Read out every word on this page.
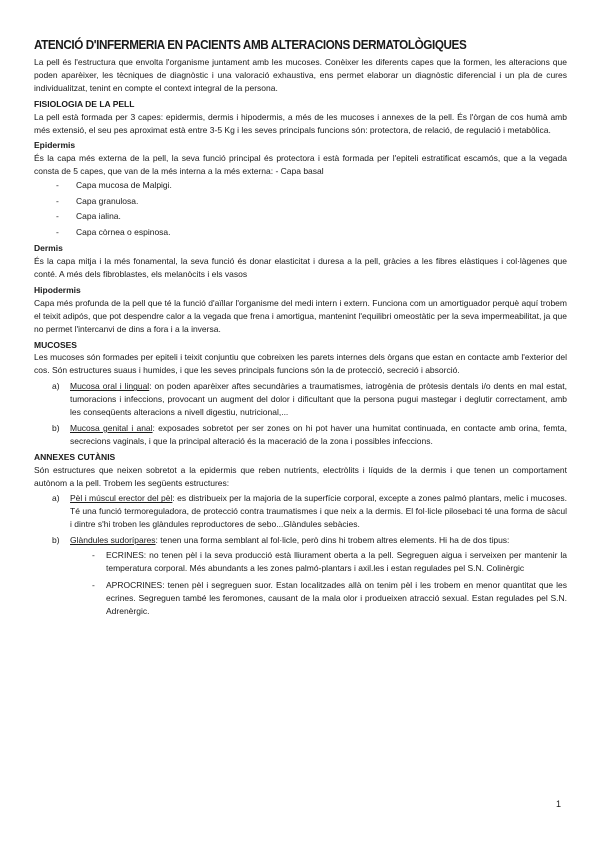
ATENCIÓ D'INFERMERIA EN PACIENTS AMB ALTERACIONS DERMATOLÒGIQUES

La pell és l'estructura que envolta l'organisme juntament amb les mucoses. Conèixer les diferents capes que la formen, les alteracions que poden aparèixer, les tècniques de diagnòstic i una valoració exhaustiva, ens permet elaborar un diagnòstic diferencial i un pla de cures individualitzat, tenint en compte el context integral de la persona.

FISIOLOGIA DE LA PELL

La pell està formada per 3 capes: epidermis, dermis i hipodermis, a més de les mucoses i annexes de la pell. És l'òrgan de cos humà amb més extensió, el seu pes aproximat està entre 3-5 Kg i les seves principals funcions són: protectora, de relació, de regulació i metabòlica.

Epidermis

És la capa més externa de la pell, la seva funció principal és protectora i està formada per l'epiteli estratificat escamós, que a la vegada consta de 5 capes, que van de la més interna a la més externa: - Capa basal

- Capa mucosa de Malpigi.
- Capa granulosa.
- Capa ialina.
- Capa còrnea o espinosa.
Dermis

És la capa mitja i la més fonamental, la seva funció és donar elasticitat i duresa a la pell, gràcies a les fibres elàstiques i col·làgenes que conté. A més dels fibroblastes, els melanòcits i els vasos

Hipodermis

Capa més profunda de la pell que té la funció d'aïllar l'organisme del medi intern i extern. Funciona com un amortiguador perquè aquí trobem el teixit adipós, que pot despendre calor a la vegada que frena i amortigua, mantenint l'equilibri omeostàtic per la seva impermeabilitat, ja que no permet l'intercanvi de dins a fora i a la inversa.

MUCOSES

Les mucoses són formades per epiteli i teixit conjuntiu que cobreixen les parets internes dels òrgans que estan en contacte amb l'exterior del cos. Són estructures suaus i humides, i que les seves principals funcions són la de protecció, secreció i absorció.

a) Mucosa oral i lingual: on poden aparèixer aftes secundàries a traumatismes, iatrogènia de pròtesis dentals i/o dents en mal estat, tumoracions i infeccions, provocant un augment del dolor i dificultant que la persona pugui mastegar i deglutir correctament, amb les conseqüents alteracions a nivell digestiu, nutricional,...
b) Mucosa genital i anal: exposades sobretot per ser zones on hi pot haver una humitat continuada, en contacte amb orina, femta, secrecions vaginals, i que la principal alteració és la maceració de la zona i possibles infeccions.
ANNEXES CUTÀNIS

Són estructures que neixen sobretot a la epidermis que reben nutrients, electròlits i líquids de la dermis i que tenen un comportament autònom a la pell. Trobem les següents estructures:

a) Pèl i múscul erector del pèl: es distribueix per la majoria de la superfície corporal, excepte a zones palmó plantars, melic i mucoses. Té una funció termoreguladora, de protecció contra traumatismes i que neix a la dermis. El fol·licle pilosebaci té una forma de sàcul i dintre s'hi troben les glàndules reproductores de sebo...Glàndules sebàcies.
b) Glàndules sudorípares: tenen una forma semblant al fol·licle, però dins hi trobem altres elements. Hi ha de dos tipus:
- ECRINES: no tenen pèl i la seva producció està lliurament oberta a la pell. Segreguen aigua i serveixen per mantenir la temperatura corporal. Més abundants a les zones palmó-plantars i axil.les i estan regulades pel S.N. Colinèrgic
- APROCRINES: tenen pèl i segreguen suor. Estan localitzades allà on tenim pèl i les trobem en menor quantitat que les ecrines. Segreguen també les feromones, causant de la mala olor i produeixen atracció sexual. Estan regulades pel S.N. Adrenèrgic.
1
